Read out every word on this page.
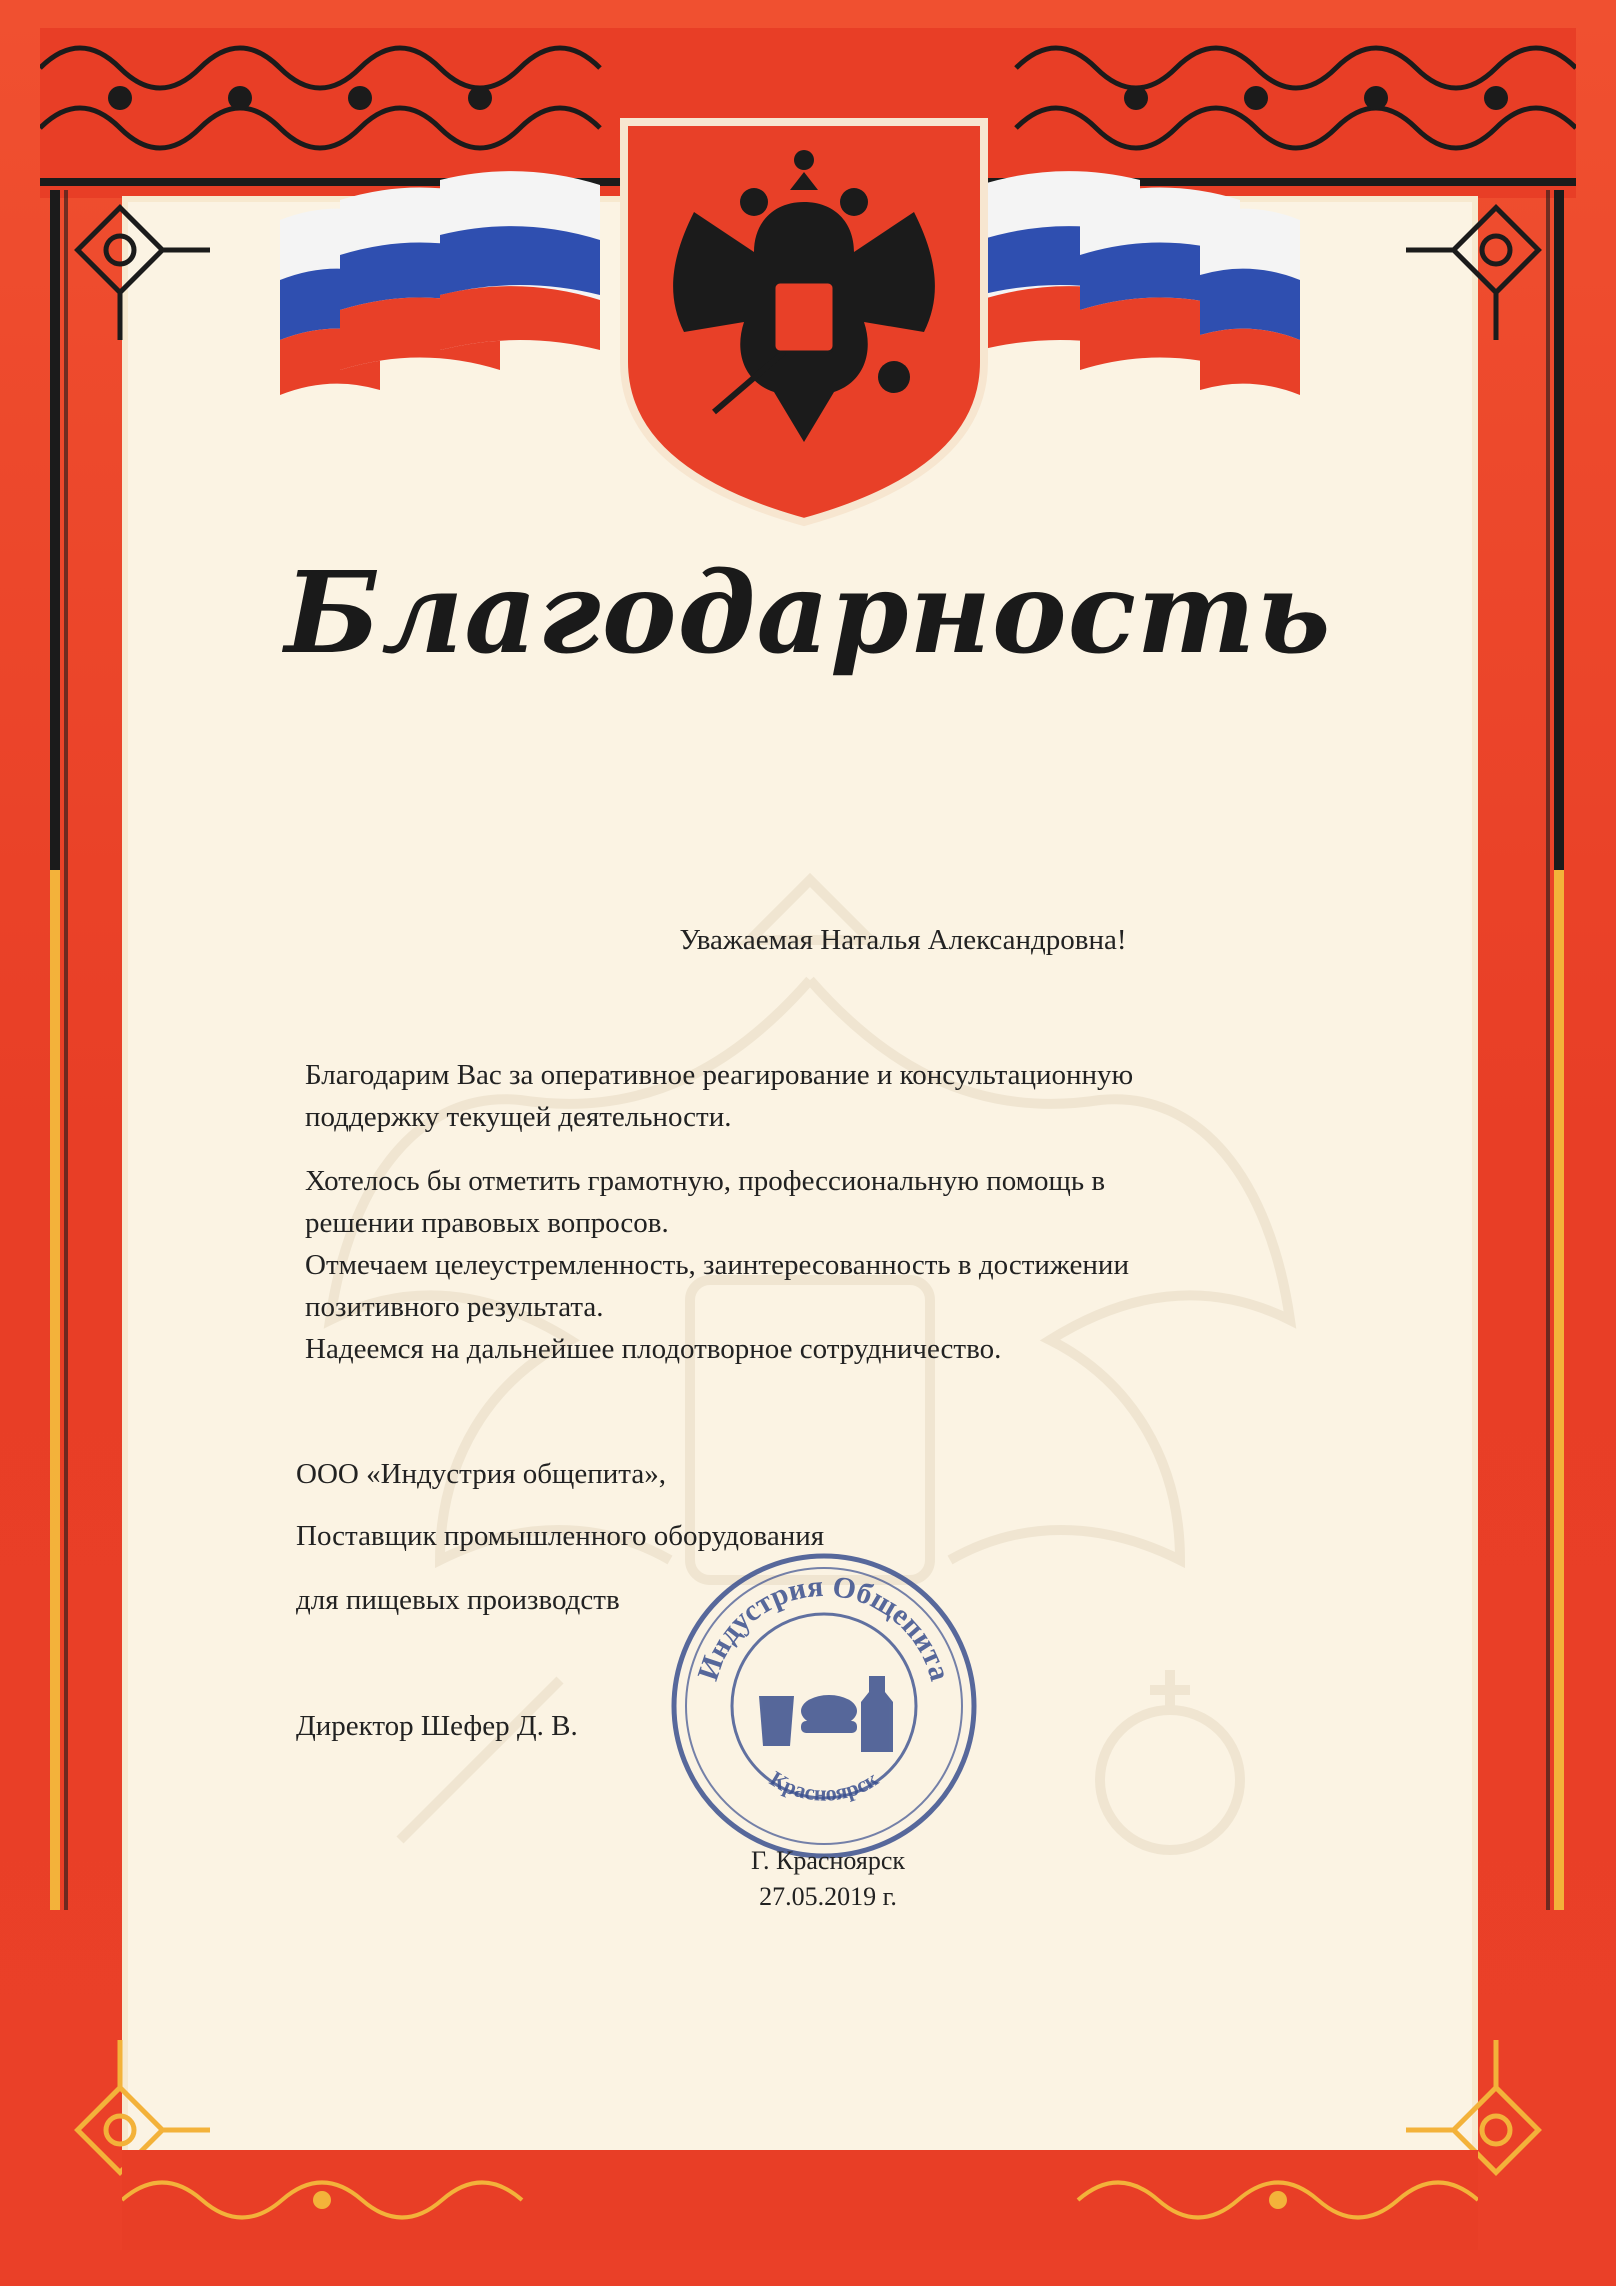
Благодарность
Уважаемая Наталья Александровна!
Благодарим Вас за оперативное реагирование и консультационную
поддержку текущей деятельности.
Хотелось бы отметить грамотную, профессиональную помощь в
решении правовых вопросов.
Отмечаем целеустремленность, заинтересованность в достижении
позитивного результата.
Надеемся на дальнейшее плодотворное сотрудничество.
ООО «Индустрия общепита»,
Поставщик промышленного оборудования
для пищевых производств
Директор Шефер Д. В.
Индустрия Общепита
Красноярск
Г. Красноярск
27.05.2019 г.
